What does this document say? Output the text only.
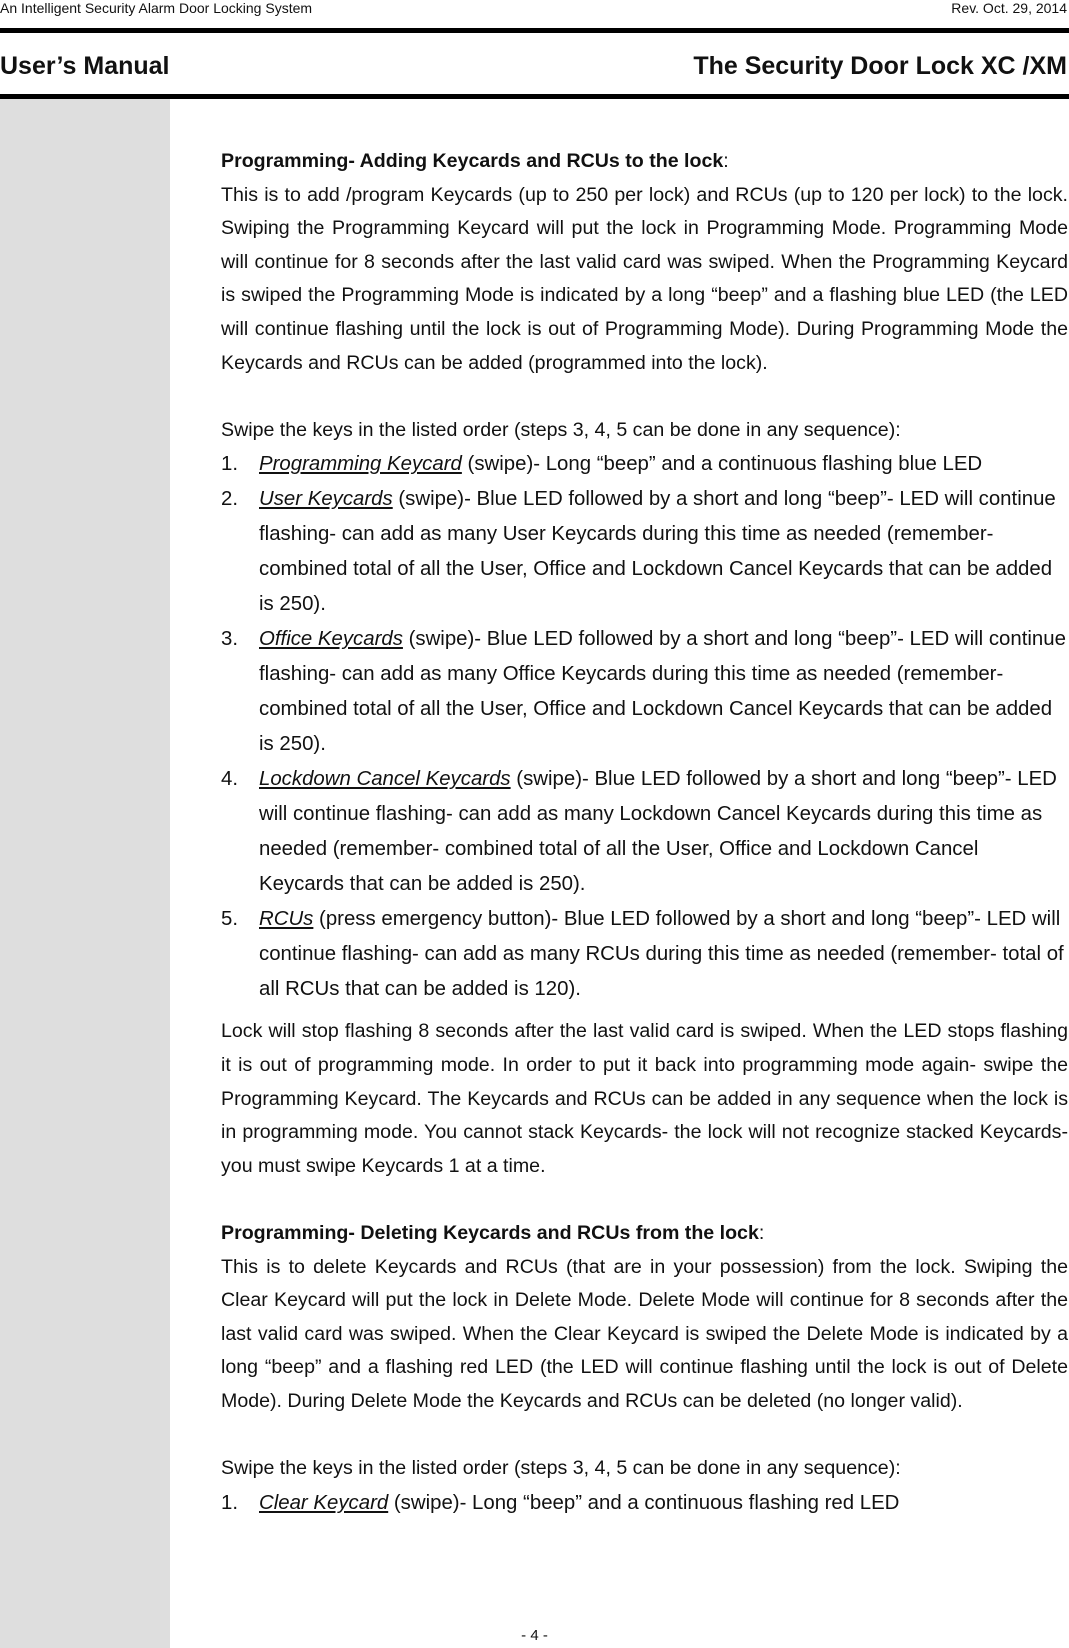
An Intelligent Security Alarm Door Locking System	Rev. Oct. 29, 2014
User’s Manual	The Security Door Lock XC /XM

Programming- Adding Keycards and RCUs to the lock:

This is to add /program Keycards (up to 250 per lock) and RCUs (up to 120 per lock) to the lock. Swiping the Programming Keycard will put the lock in Programming Mode. Programming Mode will continue for 8 seconds after the last valid card was swiped. When the Programming Keycard is swiped the Programming Mode is indicated by a long “beep” and a flashing blue LED (the LED will continue flashing until the lock is out of Programming Mode). During Programming Mode the Keycards and RCUs can be added (programmed into the lock).

Swipe the keys in the listed order (steps 3, 4, 5 can be done in any sequence):

1.	Programming Keycard (swipe)- Long “beep” and a continuous flashing blue LED
2.	User Keycards (swipe)- Blue LED followed by a short and long “beep”- LED will continue flashing- can add as many User Keycards during this time as needed (remember- combined total of all the User, Office and Lockdown Cancel Keycards that can be added is 250).
3.	Office Keycards (swipe)- Blue LED followed by a short and long “beep”- LED will continue flashing- can add as many Office Keycards during this time as needed (remember- combined total of all the User, Office and Lockdown Cancel Keycards that can be added is 250).
4.	Lockdown Cancel Keycards (swipe)- Blue LED followed by a short and long “beep”- LED will continue flashing- can add as many Lockdown Cancel Keycards during this time as needed (remember- combined total of all the User, Office and Lockdown Cancel Keycards that can be added is 250).
5.	RCUs (press emergency button)- Blue LED followed by a short and long “beep”- LED will continue flashing- can add as many RCUs during this time as needed (remember- total of all RCUs that can be added is 120).

Lock will stop flashing 8 seconds after the last valid card is swiped. When the LED stops flashing it is out of programming mode. In order to put it back into programming mode again- swipe the Programming Keycard. The Keycards and RCUs can be added in any sequence when the lock is in programming mode. You cannot stack Keycards- the lock will not recognize stacked Keycards- you must swipe Keycards 1 at a time.

Programming- Deleting Keycards and RCUs from the lock:

This is to delete Keycards and RCUs (that are in your possession) from the lock. Swiping the Clear Keycard will put the lock in Delete Mode. Delete Mode will continue for 8 seconds after the last valid card was swiped. When the Clear Keycard is swiped the Delete Mode is indicated by a long “beep” and a flashing red LED (the LED will continue flashing until the lock is out of Delete Mode). During Delete Mode the Keycards and RCUs can be deleted (no longer valid).

Swipe the keys in the listed order (steps 3, 4, 5 can be done in any sequence):

1.	Clear Keycard (swipe)- Long “beep” and a continuous flashing red LED
- 4 -
